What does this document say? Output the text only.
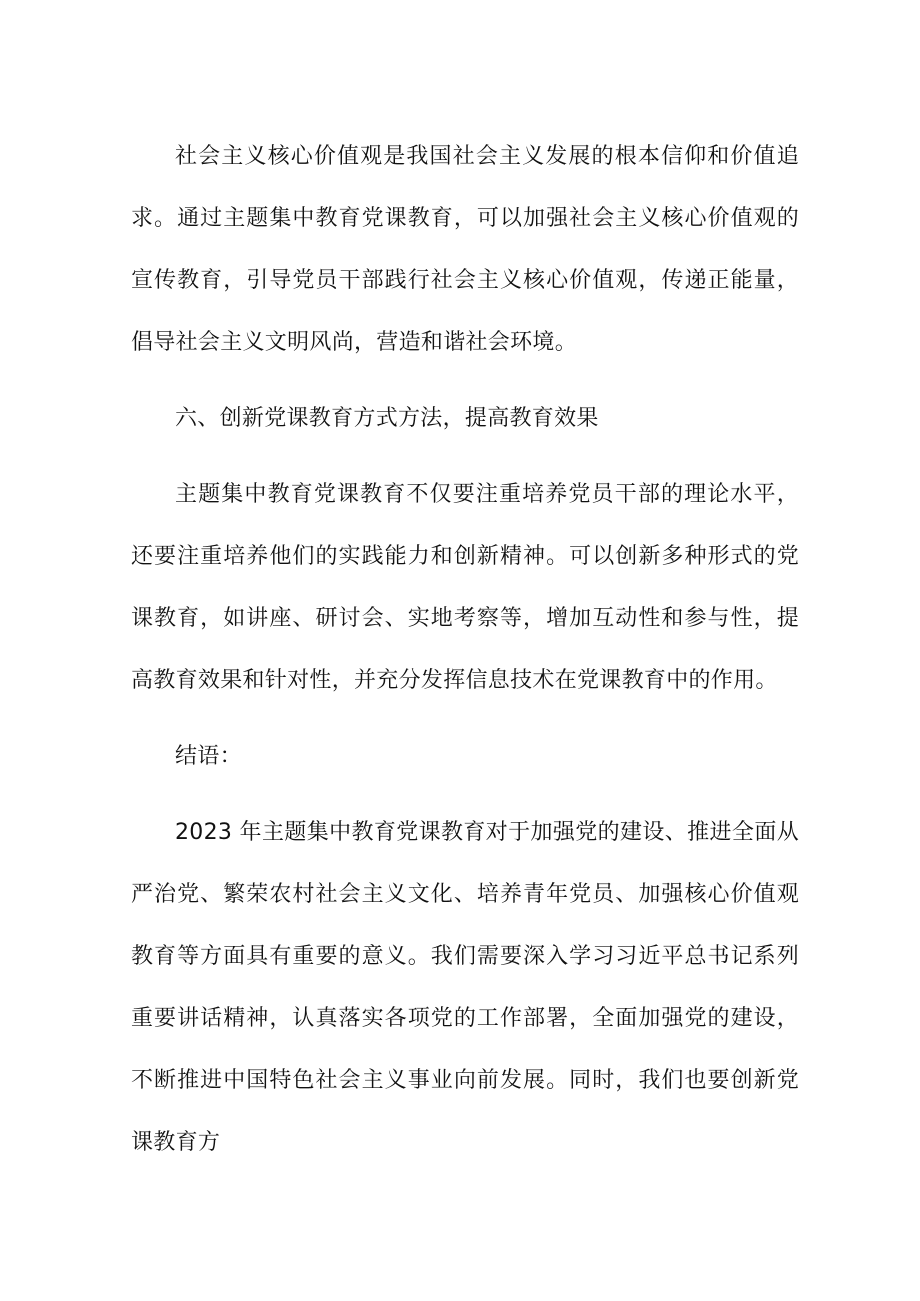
社会主义核心价值观是我国社会主义发展的根本信仰和价值追求。通过主题集中教育党课教育，可以加强社会主义核心价值观的宣传教育，引导党员干部践行社会主义核心价值观，传递正能量，倡导社会主义文明风尚，营造和谐社会环境。

六、创新党课教育方式方法，提高教育效果

主题集中教育党课教育不仅要注重培养党员干部的理论水平，还要注重培养他们的实践能力和创新精神。可以创新多种形式的党课教育，如讲座、研讨会、实地考察等，增加互动性和参与性，提高教育效果和针对性，并充分发挥信息技术在党课教育中的作用。

结语：

2023 年主题集中教育党课教育对于加强党的建设、推进全面从严治党、繁荣农村社会主义文化、培养青年党员、加强核心价值观教育等方面具有重要的意义。我们需要深入学习习近平总书记系列重要讲话精神，认真落实各项党的工作部署，全面加强党的建设，不断推进中国特色社会主义事业向前发展。同时，我们也要创新党课教育方
